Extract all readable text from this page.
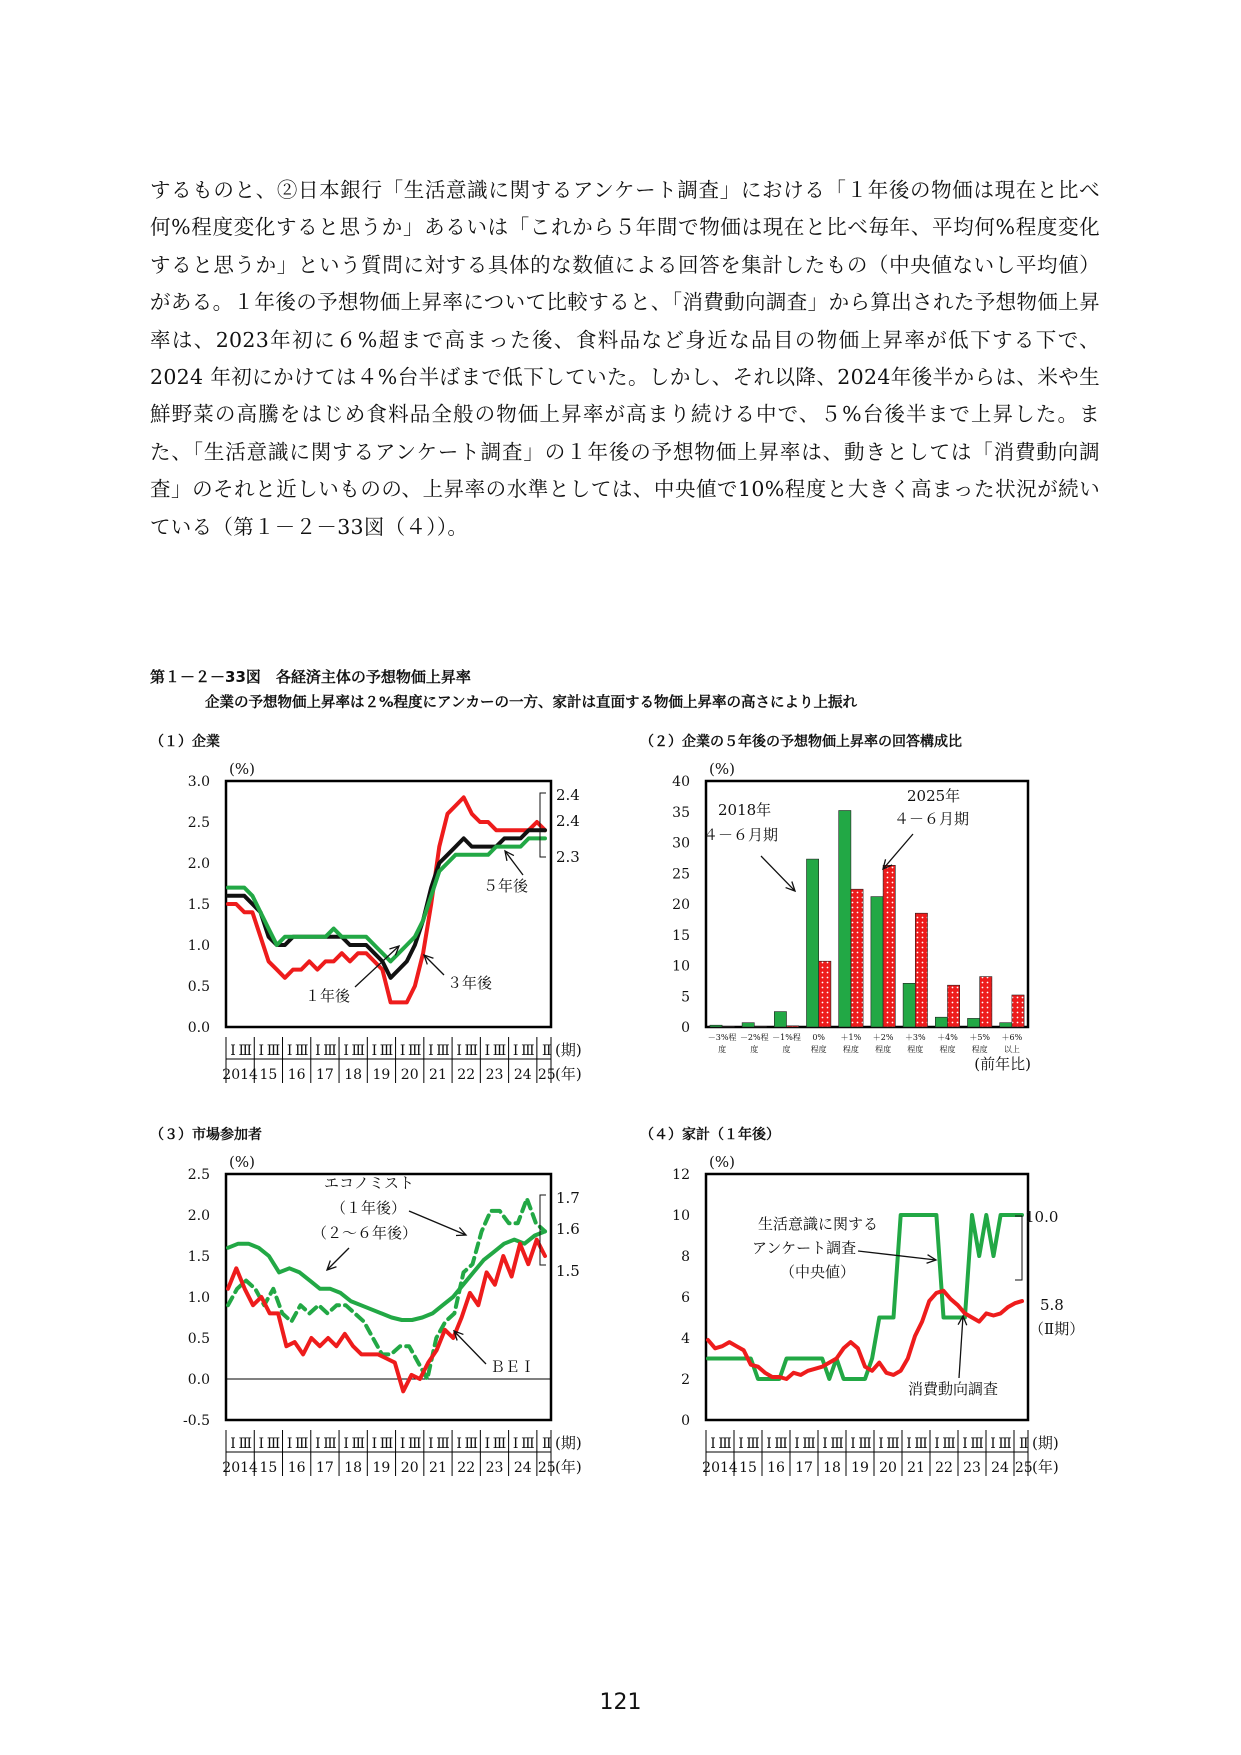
するものと、②日本銀行「生活意識に関するアンケート調査」における「１年後の物価は現在と比べ何%程度変化すると思うか」あるいは「これから５年間で物価は現在と比べ毎年、平均何%程度変化すると思うか」という質問に対する具体的な数値による回答を集計したもの（中央値ないし平均値）がある。１年後の予想物価上昇率について比較すると、「消費動向調査」から算出された予想物価上昇率は、2023年初に６%超まで高まった後、食料品など身近な品目の物価上昇率が低下する下で、2024 年初にかけては４%台半ばまで低下していた。しかし、それ以降、2024年後半からは、米や生鮮野菜の高騰をはじめ食料品全般の物価上昇率が高まり続ける中で、５%台後半まで上昇した。また、「生活意識に関するアンケート調査」の１年後の予想物価上昇率は、動きとしては「消費動向調査」のそれと近しいものの、上昇率の水準としては、中央値で10%程度と大きく高まった状況が続いている（第１－２－33図（４））。

第１－２－33図　各経済主体の予想物価上昇率
企業の予想物価上昇率は２%程度にアンカーの一方、家計は直面する物価上昇率の高さにより上振れ
（１）企業
(%)
3.0
2.5
2.0
1.5
1.0
0.5
0.0
Ⅰ Ⅲ
2014
Ⅰ Ⅲ
15
Ⅰ Ⅲ
16
Ⅰ Ⅲ
17
Ⅰ Ⅲ
18
Ⅰ Ⅲ
19
Ⅰ Ⅲ
20
Ⅰ Ⅲ
21
Ⅰ Ⅲ
22
Ⅰ Ⅲ
23
Ⅰ Ⅲ
24
Ⅱ
25
(期)
(年)
2.4
2.4
2.3
１年後
３年後
５年後
（２）企業の５年後の予想物価上昇率の回答構成比
(%)
40
35
30
25
20
15
10
5
0
－3%程
度
－2%程
度
－1%程
度
0%
程度
＋1%
程度
＋2%
程度
＋3%
程度
＋4%
程度
＋5%
程度
＋6%
以上
(前年比)
2018年
４－６月期
2025年
４－６月期
（３）市場参加者
(%)
2.5
2.0
1.5
1.0
0.5
0.0
-0.5
Ⅰ Ⅲ
2014
Ⅰ Ⅲ
15
Ⅰ Ⅲ
16
Ⅰ Ⅲ
17
Ⅰ Ⅲ
18
Ⅰ Ⅲ
19
Ⅰ Ⅲ
20
Ⅰ Ⅲ
21
Ⅰ Ⅲ
22
Ⅰ Ⅲ
23
Ⅰ Ⅲ
24
Ⅱ
25
(期)
(年)
1.7
1.6
1.5
エコノミスト
（１年後）
（２～６年後）
ＢＥＩ
（４）家計（１年後）
(%)
12
10
8
6
4
2
0
Ⅰ Ⅲ
2014
Ⅰ Ⅲ
15
Ⅰ Ⅲ
16
Ⅰ Ⅲ
17
Ⅰ Ⅲ
18
Ⅰ Ⅲ
19
Ⅰ Ⅲ
20
Ⅰ Ⅲ
21
Ⅰ Ⅲ
22
Ⅰ Ⅲ
23
Ⅰ Ⅲ
24
Ⅱ
25
(期)
(年)
10.0
5.8
（Ⅱ期）
生活意識に関する
アンケート調査
（中央値）
消費動向調査
121
